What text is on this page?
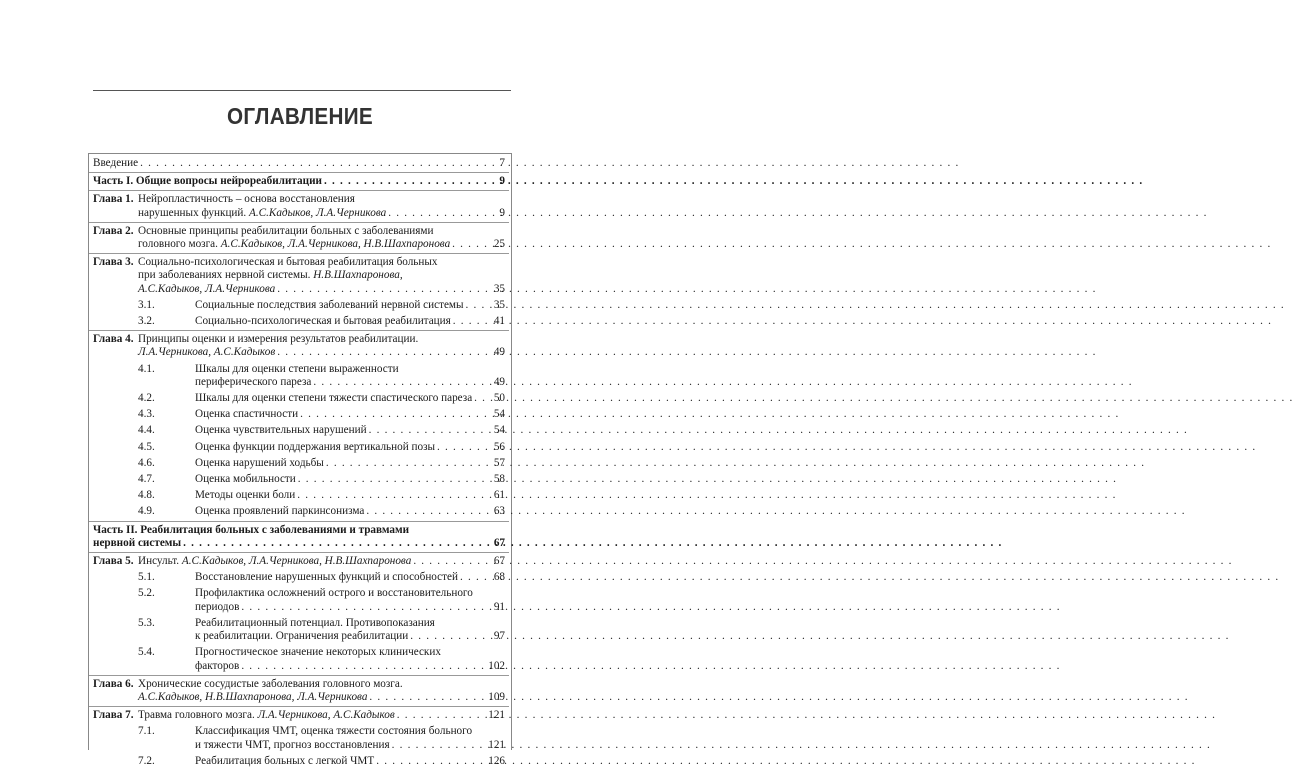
ОГЛАВЛЕНИЕ
Введение . . .	7
Часть I. Общие вопросы нейрореабилитации . . .	9
Глава 1. Нейропластичность – основа восстановления
нарушенных функций. А.С.Кадыков, Л.А.Черникова . . .	9
Глава 2. Основные принципы реабилитации больных с заболеваниями
головного мозга. А.С.Кадыков, Л.А.Черникова, Н.В.Шахпаронова . . .	25
Глава 3. Социально-психологическая и бытовая реабилитация больных
при заболеваниях нервной системы. Н.В.Шахпаронова,
А.С.Кадыков, Л.А.Черникова . . .	35
3.1.	Социальные последствия заболеваний нервной системы . . .	35
3.2.	Социально-психологическая и бытовая реабилитация . . .	41
Глава 4. Принципы оценки и измерения результатов реабилитации.
Л.А.Черникова, А.С.Кадыков . . .	49
4.1.	Шкалы для оценки степени выраженности
периферического пареза . . .	49
4.2.	Шкалы для оценки степени тяжести спастического пареза . . . 50
4.3.	Оценка спастичности . . .	54
4.4.	Оценка чувствительных нарушений . . .	54
4.5.	Оценка функции поддержания вертикальной позы . . .	56
4.6.	Оценка нарушений ходьбы . . .	57
4.7.	Оценка мобильности . . .	58
4.8.	Методы оценки боли . . .	61
4.9.	Оценка проявлений паркинсонизма . . .	63
Часть II. Реабилитация больных с заболеваниями и травмами
нервной системы . . .	67
Глава 5. Инсульт. А.С.Кадыков, Л.А.Черникова, Н.В.Шахпаронова . . .	67
5.1.	Восстановление нарушенных функций и способностей . . .	68
5.2.	Профилактика осложнений острого и восстановительного
периодов . . .	91
5.3.	Реабилитационный потенциал. Противопоказания
к реабилитации. Ограничения реабилитации . . .	97
5.4.	Прогностическое значение некоторых клинических
факторов . . .	102
Глава 6. Хронические сосудистые заболевания головного мозга.
А.С.Кадыков, Н.В.Шахпаронова, Л.А.Черникова . . .	109
Глава 7. Травма головного мозга. Л.А.Черникова, А.С.Кадыков . . .	121
7.1.	Классификация ЧМТ, оценка тяжести состояния больного
и тяжести ЧМТ, прогноз восстановления . . .	121
7.2.	Реабилитация больных с легкой ЧМТ . . .	126
